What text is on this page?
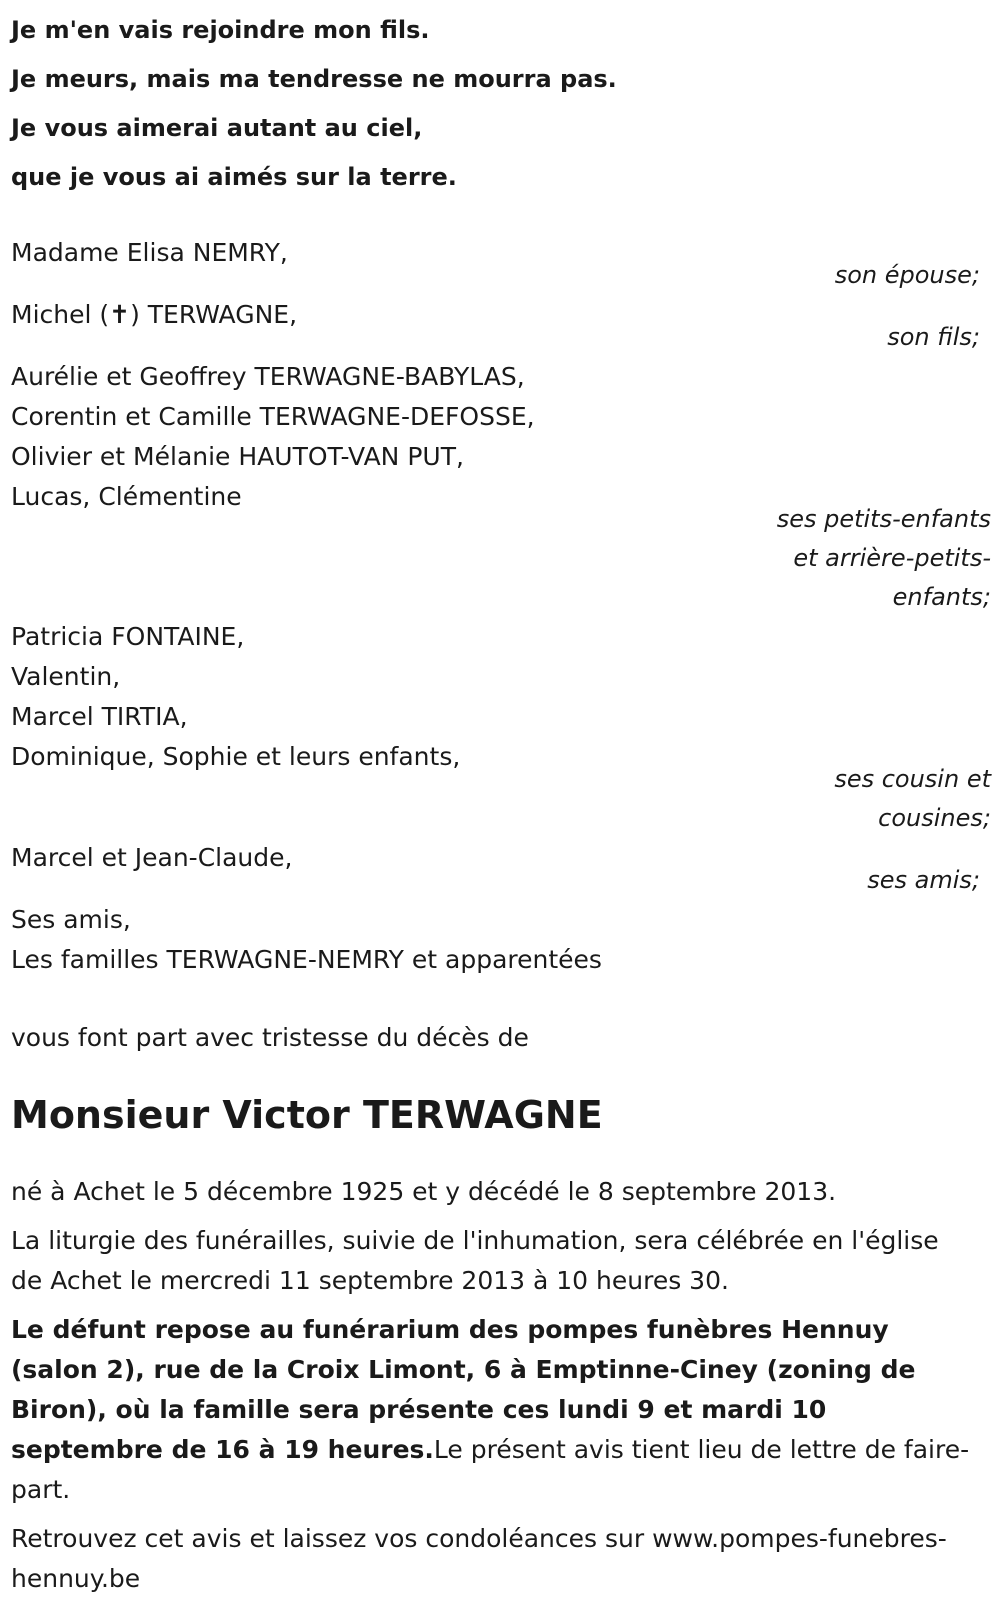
Je m'en vais rejoindre mon fils.
Je meurs, mais ma tendresse ne mourra pas.
Je vous aimerai autant au ciel,
que je vous ai aimés sur la terre.
Madame Elisa NEMRY,
son épouse;
Michel (✝) TERWAGNE,
son fils;
Aurélie et Geoffrey TERWAGNE-BABYLAS,
Corentin et Camille TERWAGNE-DEFOSSE,
Olivier et Mélanie HAUTOT-VAN PUT,
Lucas, Clémentine
ses petits-enfants
et arrière-petits-
enfants;
Patricia FONTAINE,
Valentin,
Marcel TIRTIA,
Dominique, Sophie et leurs enfants,
ses cousin et
cousines;
Marcel et Jean-Claude,
ses amis;
Ses amis,
Les familles TERWAGNE-NEMRY et apparentées
vous font part avec tristesse du décès de
Monsieur Victor TERWAGNE
né à Achet le 5 décembre 1925 et y décédé le 8 septembre 2013.
La liturgie des funérailles, suivie de l'inhumation, sera célébrée en l'église de Achet le mercredi 11 septembre 2013 à 10 heures 30.
Le défunt repose au funérarium des pompes funèbres Hennuy (salon 2), rue de la Croix Limont, 6 à Emptinne-Ciney (zoning de Biron), où la famille sera présente ces lundi 9 et mardi 10 septembre de 16 à 19 heures.Le présent avis tient lieu de lettre de faire-part.
Retrouvez cet avis et laissez vos condoléances sur www.pompes-funebres-hennuy.be
